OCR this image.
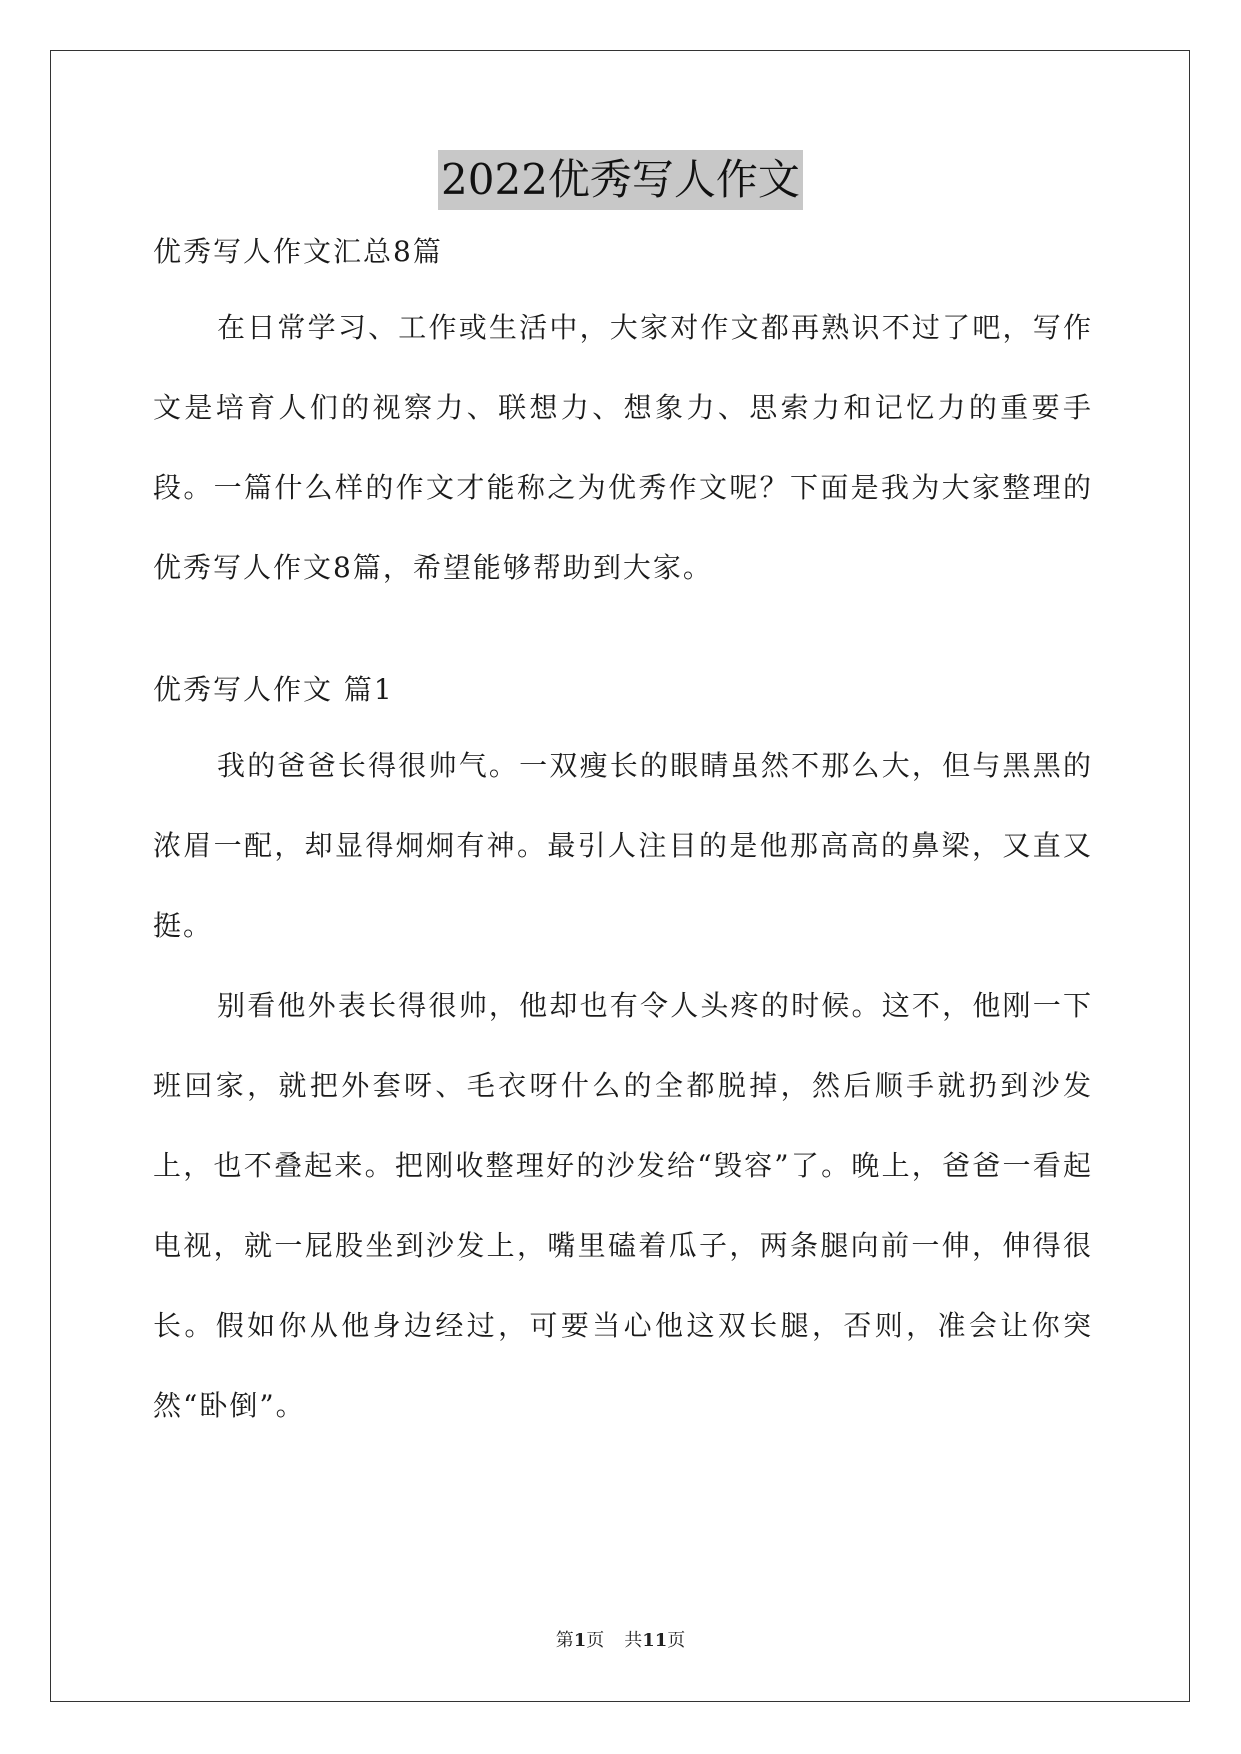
2022优秀写人作文
优秀写人作文汇总8篇

在日常学习、工作或生活中，大家对作文都再熟识不过了吧，写作文是培育人们的视察力、联想力、想象力、思索力和记忆力的重要手段。一篇什么样的作文才能称之为优秀作文呢？下面是我为大家整理的优秀写人作文8篇，希望能够帮助到大家。

优秀写人作文 篇1

我的爸爸长得很帅气。一双瘦长的眼睛虽然不那么大，但与黑黑的浓眉一配，却显得炯炯有神。最引人注目的是他那高高的鼻梁，又直又挺。

别看他外表长得很帅，他却也有令人头疼的时候。这不，他刚一下班回家，就把外套呀、毛衣呀什么的全都脱掉，然后顺手就扔到沙发上，也不叠起来。把刚收整理好的沙发给“毁容”了。晚上，爸爸一看起电视，就一屁股坐到沙发上，嘴里磕着瓜子，两条腿向前一伸，伸得很长。假如你从他身边经过，可要当心他这双长腿，否则，准会让你突然“卧倒”。

第1页 共11页
